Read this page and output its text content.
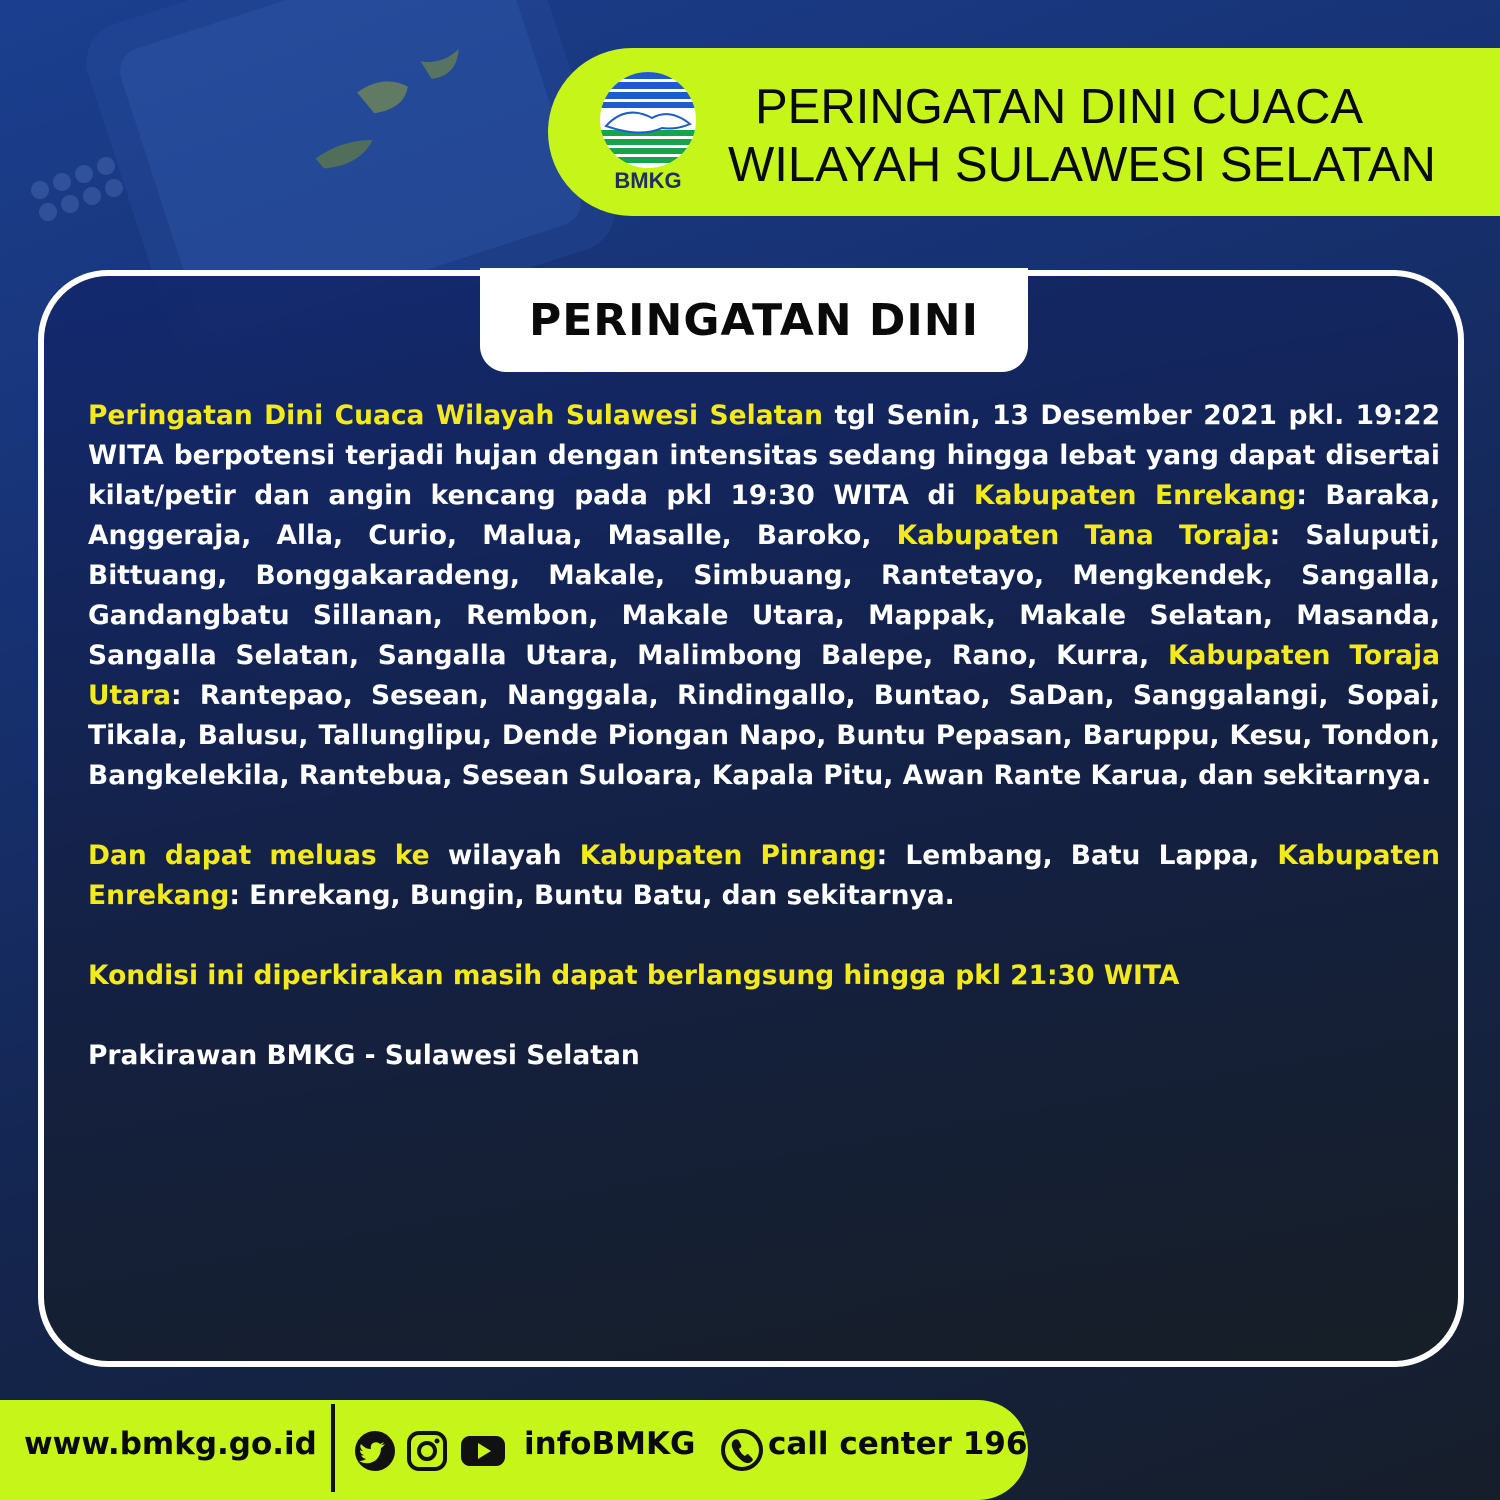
BMKG
PERINGATAN DINI CUACA
WILAYAH SULAWESI SELATAN
PERINGATAN DINI

Peringatan Dini Cuaca Wilayah Sulawesi Selatan tgl Senin, 13 Desember 2021 pkl. 19:22 WITA berpotensi terjadi hujan dengan intensitas sedang hingga lebat yang dapat disertai kilat/petir dan angin kencang pada pkl 19:30 WITA di Kabupaten Enrekang: Baraka, Anggeraja, Alla, Curio, Malua, Masalle, Baroko, Kabupaten Tana Toraja: Saluputi, Bittuang, Bonggakaradeng, Makale, Simbuang, Rantetayo, Mengkendek, Sangalla, Gandangbatu Sillanan, Rembon, Makale Utara, Mappak, Makale Selatan, Masanda, Sangalla Selatan, Sangalla Utara, Malimbong Balepe, Rano, Kurra, Kabupaten Toraja Utara: Rantepao, Sesean, Nanggala, Rindingallo, Buntao, SaDan, Sanggalangi, Sopai, Tikala, Balusu, Tallunglipu, Dende Piongan Napo, Buntu Pepasan, Baruppu, Kesu, Tondon, Bangkelekila, Rantebua, Sesean Suloara, Kapala Pitu, Awan Rante Karua, dan sekitarnya.

Dan dapat meluas ke wilayah Kabupaten Pinrang: Lembang, Batu Lappa, Kabupaten Enrekang: Enrekang, Bungin, Buntu Batu, dan sekitarnya.

Kondisi ini diperkirakan masih dapat berlangsung hingga pkl 21:30 WITA

Prakirawan BMKG - Sulawesi Selatan

www.bmkg.go.id	infoBMKG call center 196
